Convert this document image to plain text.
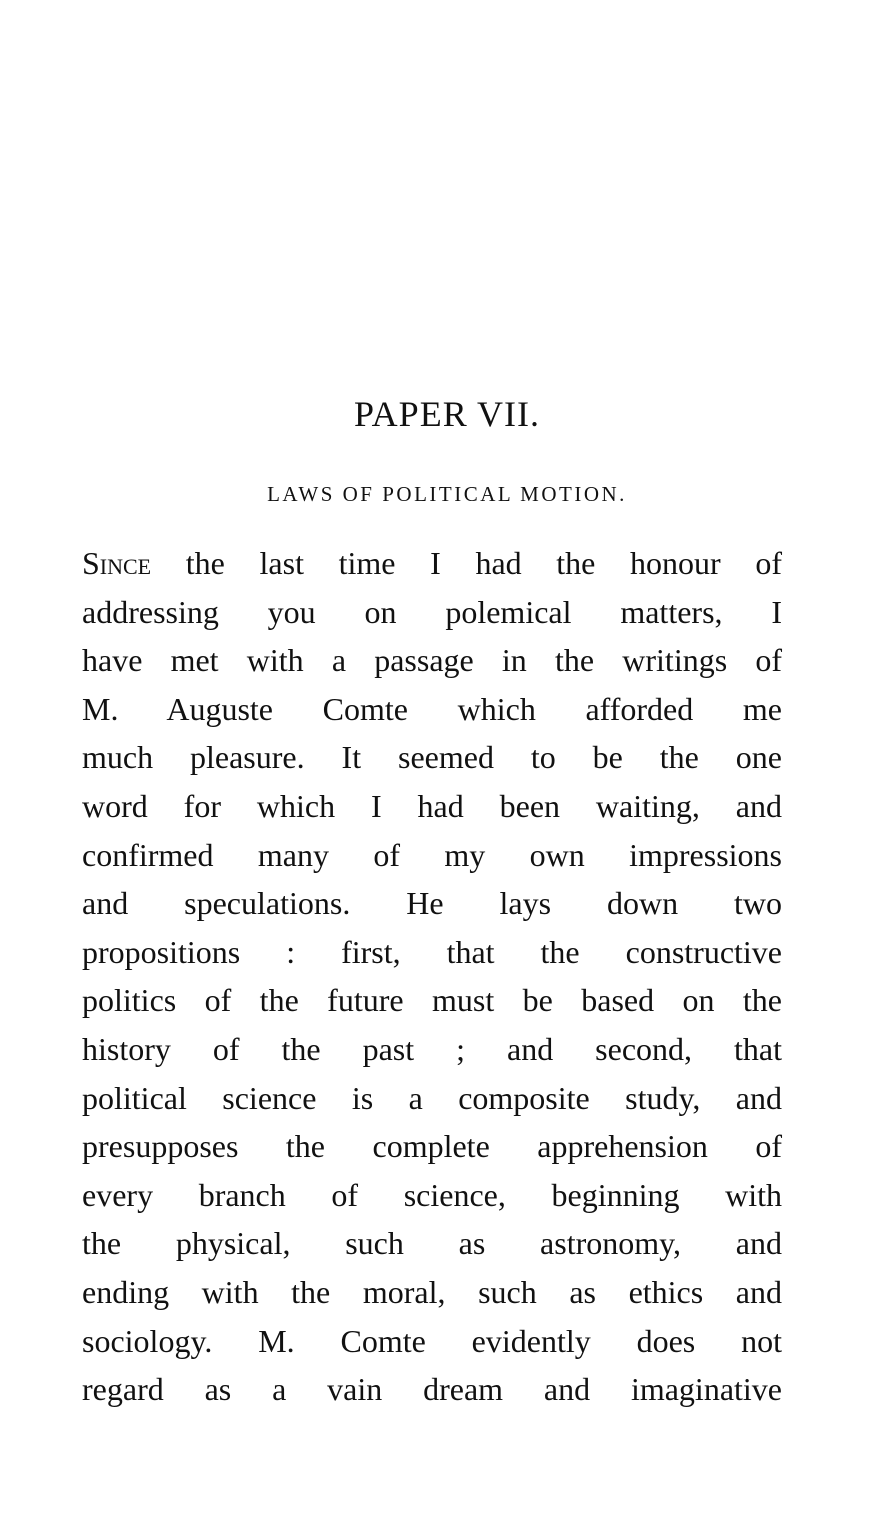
PAPER VII.
LAWS OF POLITICAL MOTION.
Since the last time I had the honour of
addressing you on polemical matters, I
have met with a passage in the writings of
M. Auguste Comte which afforded me
much pleasure. It seemed to be the one
word for which I had been waiting, and
confirmed many of my own impressions
and speculations. He lays down two
propositions : first, that the constructive
politics of the future must be based on the
history of the past ; and second, that
political science is a composite study, and
presupposes the complete apprehension of
every branch of science, beginning with
the physical, such as astronomy, and
ending with the moral, such as ethics and
sociology. M. Comte evidently does not
regard as a vain dream and imaginative
